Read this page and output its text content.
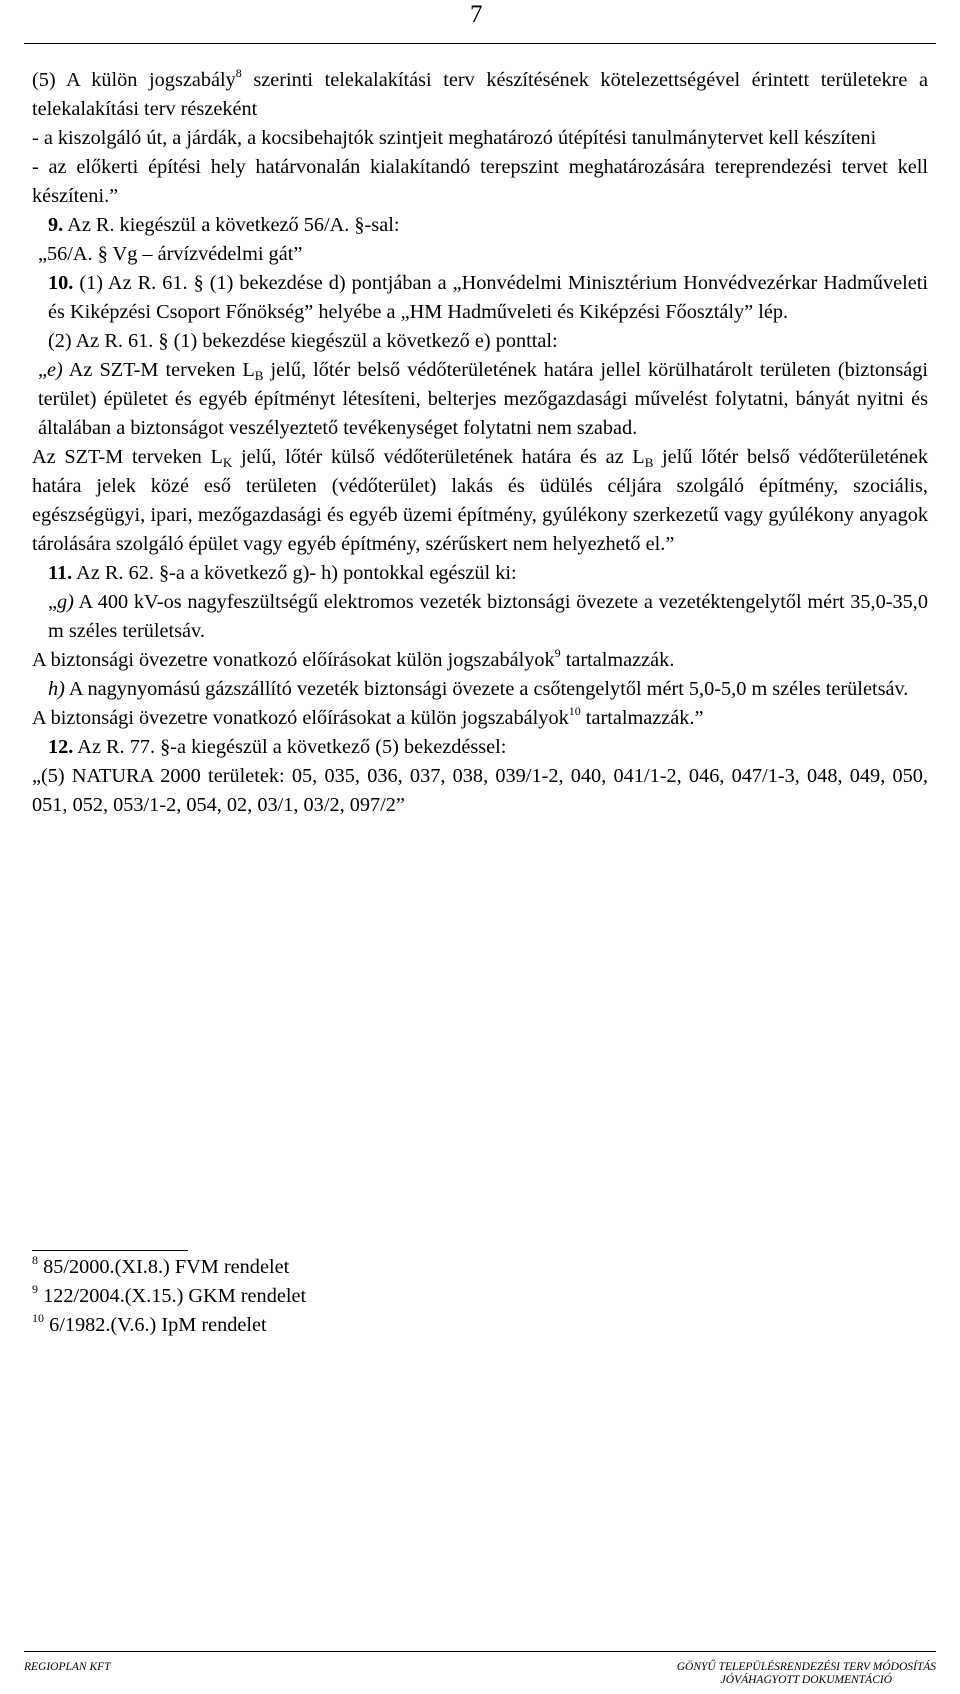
7

(5) A külön jogszabály$^8$ szerinti telekalakítási terv készítésének kötelezettségével érintett területekre a telekalakítási terv részeként

- a kiszolgáló út, a járdák, a kocsibehajtók szintjeit meghatározó útépítési tanulmánytervet kell készíteni

- az előkerti építési hely határvonalán kialakítandó terepszint meghatározására tereprendezési tervet kell készíteni.”

9. Az R. kiegészül a következő 56/A. §-sal:

„56/A. § Vg – árvízvédelmi gát”

10. (1) Az R. 61. § (1) bekezdése d) pontjában a „Honvédelmi Minisztérium Honvédvezérkar Hadműveleti és Kiképzési Csoport Főnökség” helyébe a „HM Hadműveleti és Kiképzési Főosztály” lép.

(2) Az R. 61. § (1) bekezdése kiegészül a következő e) ponttal:

„e) Az SZT-M terveken $L_B$ jelű, lőtér belső védőterületének határa jellel körülhatárolt területen (biztonsági terület) épületet és egyéb építményt létesíteni, belterjes mezőgazdasági művelést folytatni, bányát nyitni és általában a biztonságot veszélyeztető tevékenységet folytatni nem szabad.

Az SZT-M terveken $L_K$ jelű, lőtér külső védőterületének határa és az $L_B$ jelű lőtér belső védőterületének határa jelek közé eső területen (védőterület) lakás és üdülés céljára szolgáló építmény, szociális, egészségügyi, ipari, mezőgazdasági és egyéb üzemi építmény, gyúlékony szerkezetű vagy gyúlékony anyagok tárolására szolgáló épület vagy egyéb építmény, szérűskert nem helyezhető el.”

11. Az R. 62. §-a a következő g)- h) pontokkal egészül ki:

„g) A 400 kV-os nagyfeszültségű elektromos vezeték biztonsági övezete a vezetéktengelytől mért 35,0-35,0 m széles területsáv.

A biztonsági övezetre vonatkozó előírásokat külön jogszabályok$^9$ tartalmazzák.

h) A nagynyomású gázszállító vezeték biztonsági övezete a csőtengelytől mért 5,0-5,0 m széles területsáv.

A biztonsági övezetre vonatkozó előírásokat a külön jogszabályok$^{10}$ tartalmazzák.”

12. Az R. 77. §-a kiegészül a következő (5) bekezdéssel:

„(5) NATURA 2000 területek: 05, 035, 036, 037, 038, 039/1-2, 040, 041/1-2, 046, 047/1-3, 048, 049, 050, 051, 052, 053/1-2, 054, 02, 03/1, 03/2, 097/2”

$^8$ 85/2000.(XI.8.) FVM rendelet

$^9$ 122/2004.(X.15.) GKM rendelet

$^{10}$ 6/1982.(V.6.) IpM rendelet

REGIOPLAN KFT	GÖNYŰ TELEPÜLÉSRENDEZÉSI TERV MÓDOSÍTÁS
JÓVÁHAGYOTT DOKUMENTÁCIÓ
